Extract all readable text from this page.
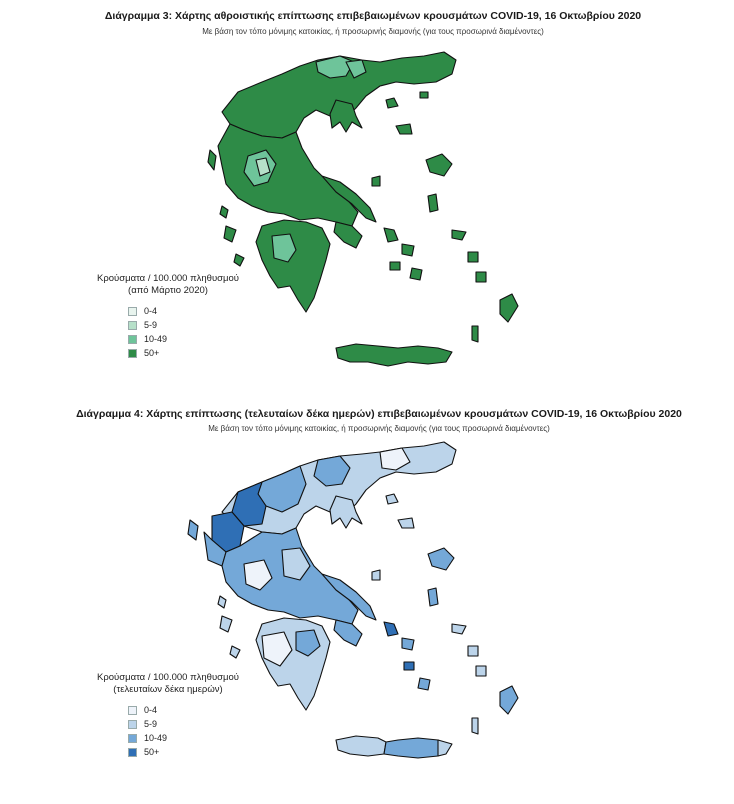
Διάγραμμα 3: Χάρτης αθροιστικής επίπτωσης επιβεβαιωμένων κρουσμάτων COVID-19, 16 Οκτωβρίου 2020
Με βάση τον τόπο μόνιμης κατοικίας, ή προσωρινής διαμονής (για τους προσωρινά διαμένοντες)
Κρούσματα / 100.000 πληθυσμού
(από Μάρτιο 2020)
0-4
5-9
10-49
50+
Διάγραμμα 4: Χάρτης επίπτωσης (τελευταίων δέκα ημερών) επιβεβαιωμένων κρουσμάτων COVID-19, 16 Οκτωβρίου 2020
Με βάση τον τόπο μόνιμης κατοικίας, ή προσωρινής διαμονής (για τους προσωρινά διαμένοντες)
Κρούσματα / 100.000 πληθυσμού
(τελευταίων δέκα ημερών)
0-4
5-9
10-49
50+
